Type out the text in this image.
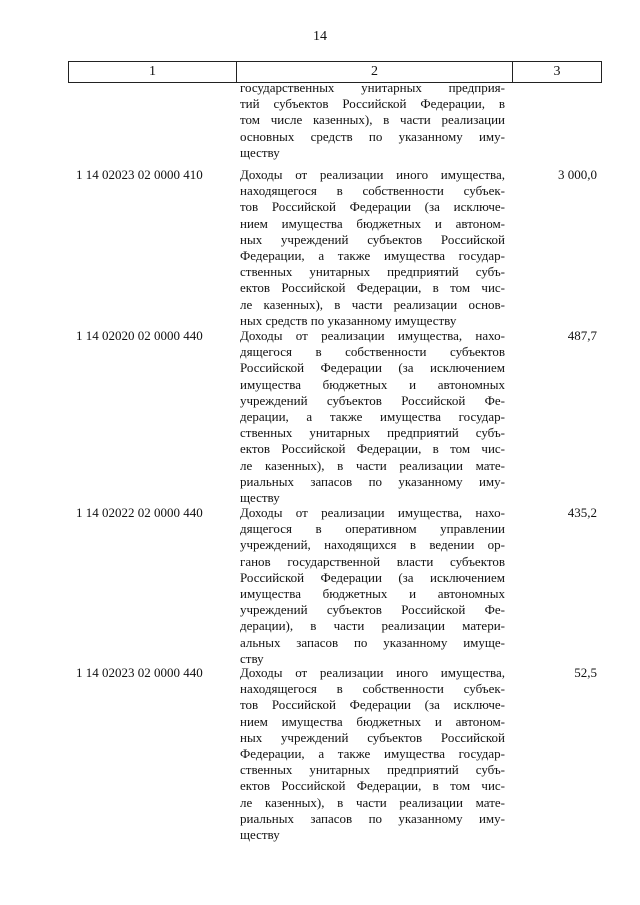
14
1	2	3
государственных унитарных предприя-
тий субъектов Российской Федерации, в
том числе казенных), в части реализации
основных средств по указанному иму-
ществу
1 14 02023 02 0000 410	Доходы от реализации иного имущества,
находящегося в собственности субъек-
тов Российской Федерации (за исключе-
нием имущества бюджетных и автоном-
ных учреждений субъектов Российской
Федерации, а также имущества государ-
ственных унитарных предприятий субъ-
ектов Российской Федерации, в том чис-
ле казенных), в части реализации основ-
ных средств по указанному имуществу
3 000,0
1 14 02020 02 0000 440	Доходы от реализации имущества, нахо-
дящегося в собственности субъектов
Российской Федерации (за исключением
имущества бюджетных и автономных
учреждений субъектов Российской Фе-
дерации, а также имущества государ-
ственных унитарных предприятий субъ-
ектов Российской Федерации, в том чис-
ле казенных), в части реализации мате-
риальных запасов по указанному иму-
ществу
487,7
1 14 02022 02 0000 440	Доходы от реализации имущества, нахо-
дящегося в оперативном управлении
учреждений, находящихся в ведении ор-
ганов государственной власти субъектов
Российской Федерации (за исключением
имущества бюджетных и автономных
учреждений субъектов Российской Фе-
дерации), в части реализации матери-
альных запасов по указанному имуще-
ству
435,2
1 14 02023 02 0000 440	Доходы от реализации иного имущества,
находящегося в собственности субъек-
тов Российской Федерации (за исключе-
нием имущества бюджетных и автоном-
ных учреждений субъектов Российской
Федерации, а также имущества государ-
ственных унитарных предприятий субъ-
ектов Российской Федерации, в том чис-
ле казенных), в части реализации мате-
риальных запасов по указанному иму-
ществу
52,5
